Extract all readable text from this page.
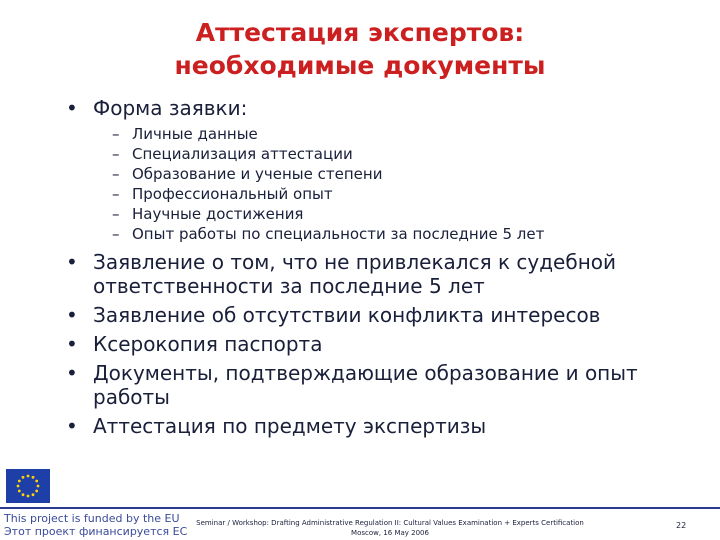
Аттестация экспертов:
необходимые документы
• Форма заявки:
– Личные данные
– Специализация аттестации
– Образование и ученые степени
– Профессиональный опыт
– Научные достижения
– Опыт работы по специальности за последние 5 лет
• Заявление о том, что не привлекался к судебной ответственности за последние 5 лет
• Заявление об отсутствии конфликта интересов
• Ксерокопия паспорта
• Документы, подтверждающие образование и опыт работы
• Аттестация по предмету экспертизы
This project is funded by the EU
Этот проект финансируется ЕС
Seminar / Workshop: Drafting Administrative Regulation II: Cultural Values Examination + Experts Certification
Moscow, 16 May 2006
22
